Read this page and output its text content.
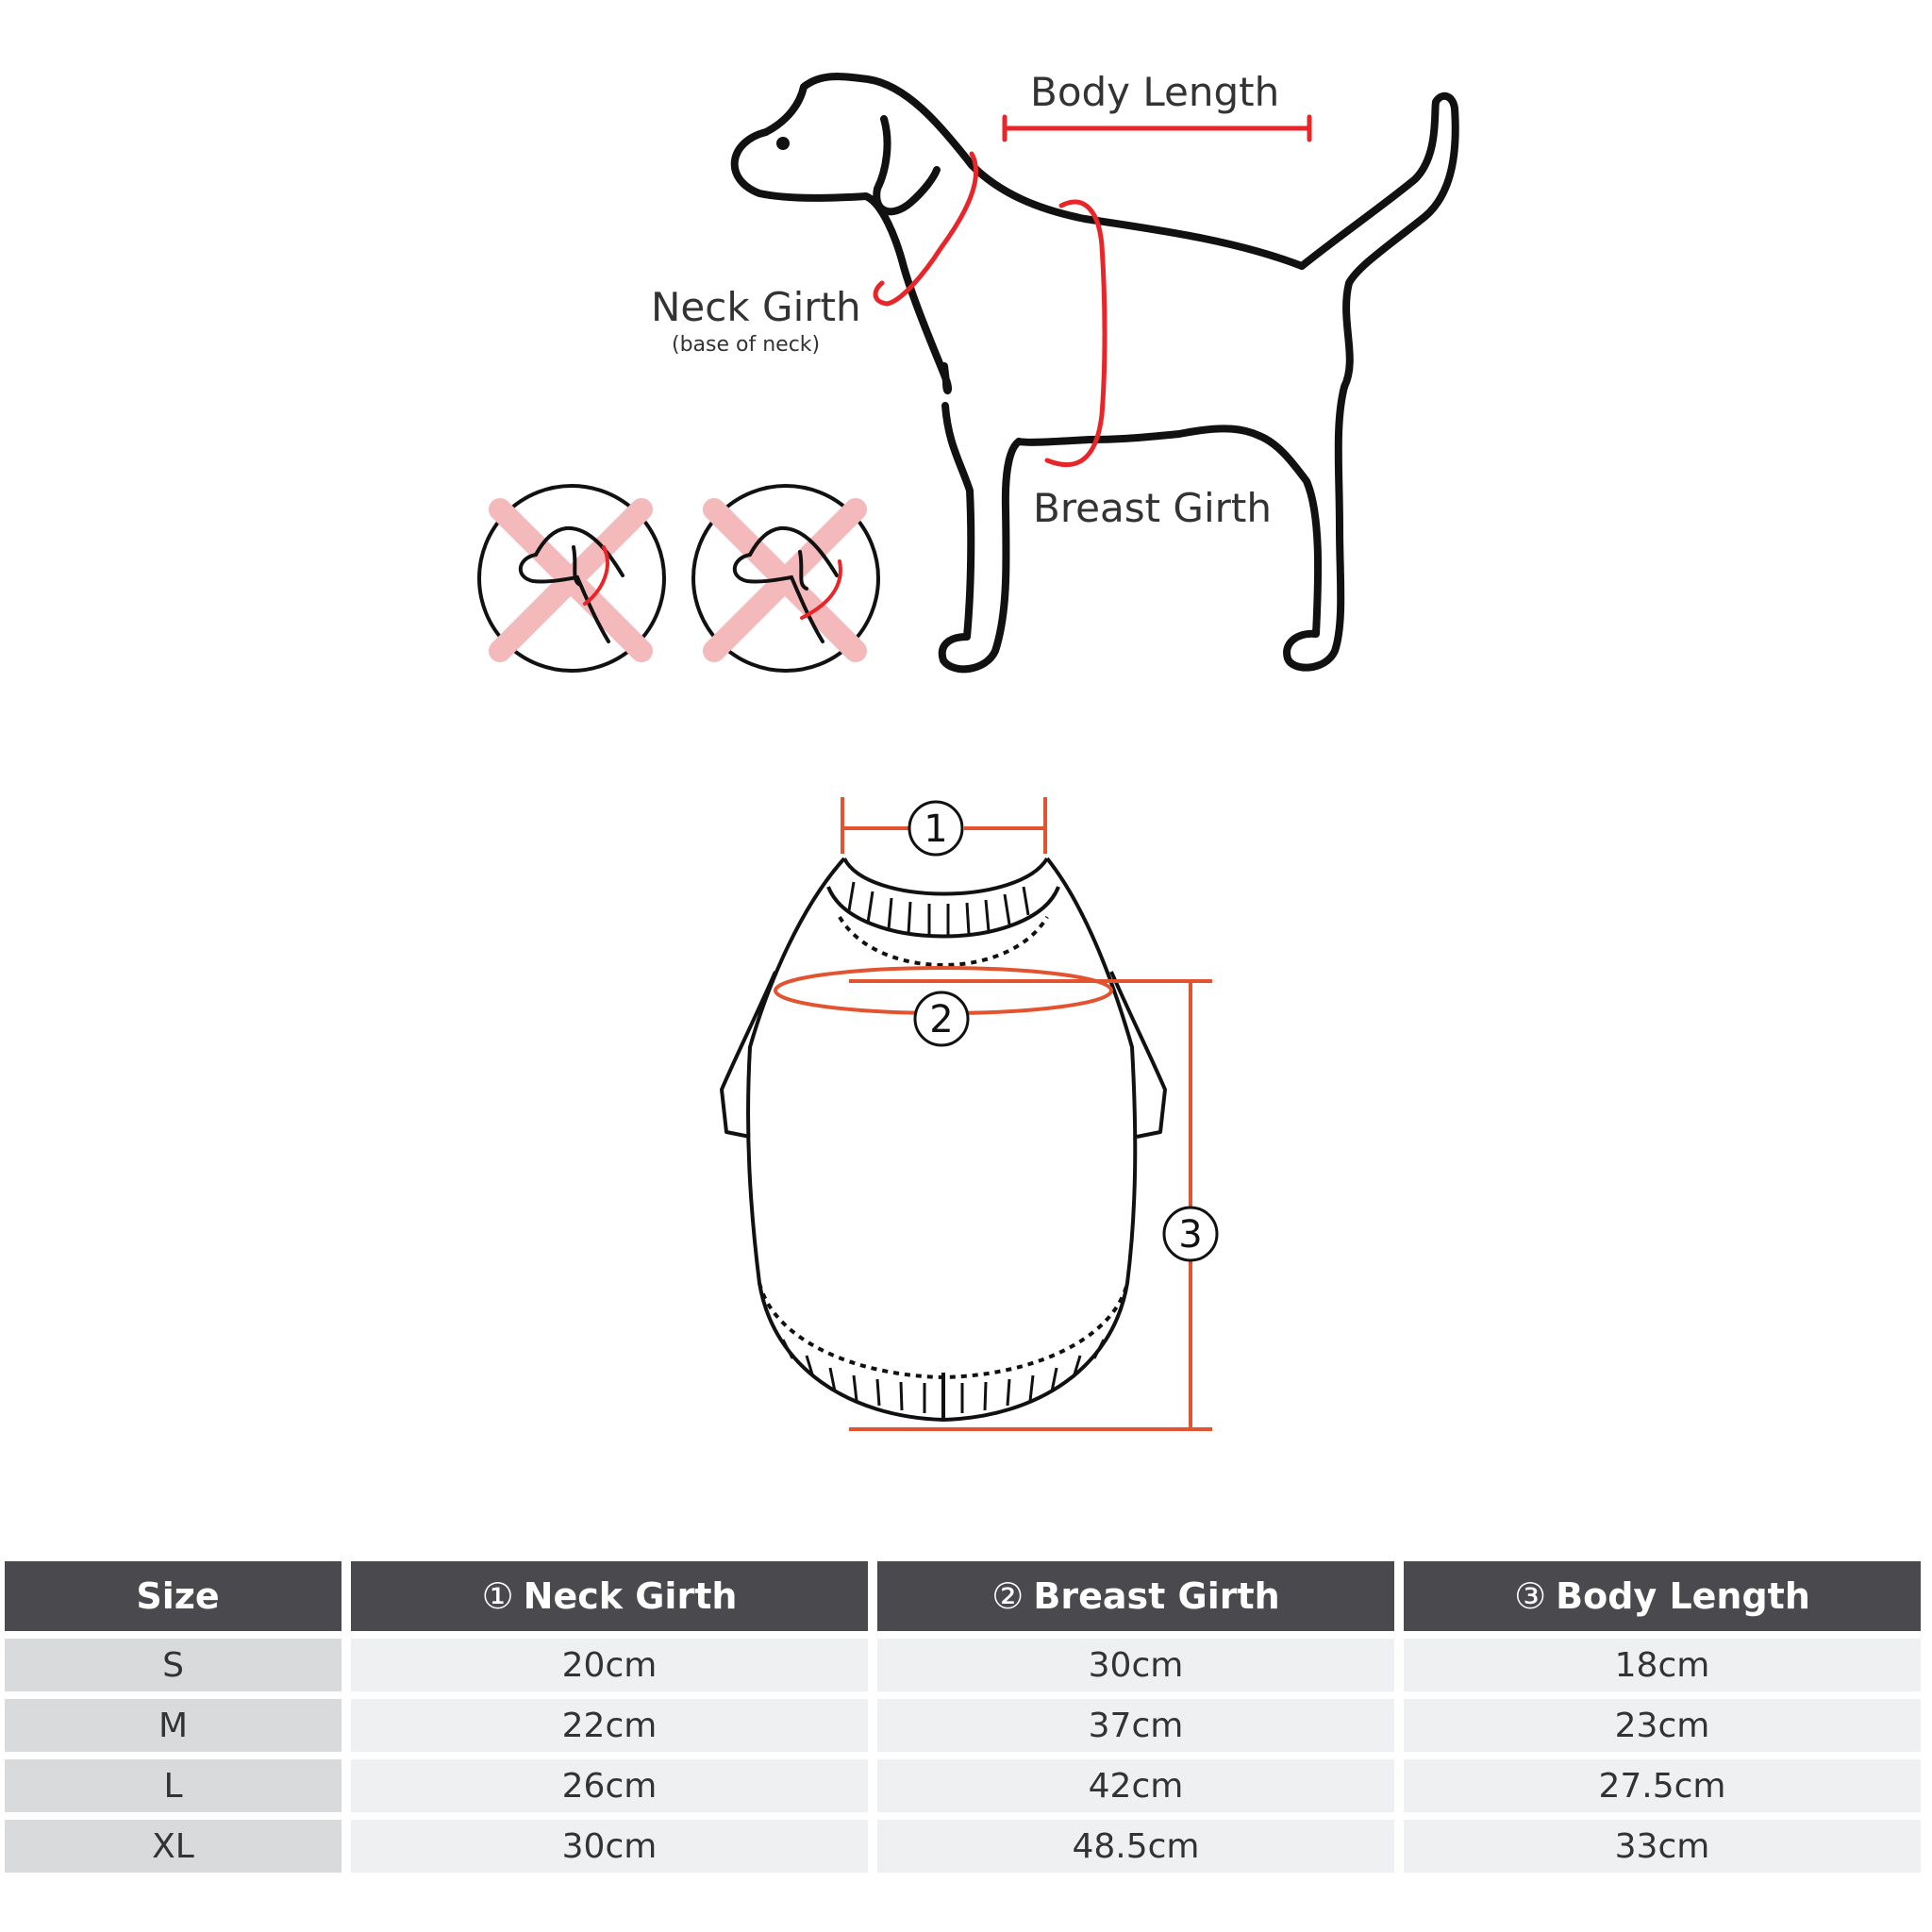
Body Length
Neck Girth
(base of neck)
Breast Girth
1
2
3
Size	① Neck Girth	② Breast Girth	③ Body Length
S	20cm	30cm	18cm
M	22cm	37cm	23cm
L	26cm	42cm	27.5cm
XL	30cm	48.5cm	33cm
